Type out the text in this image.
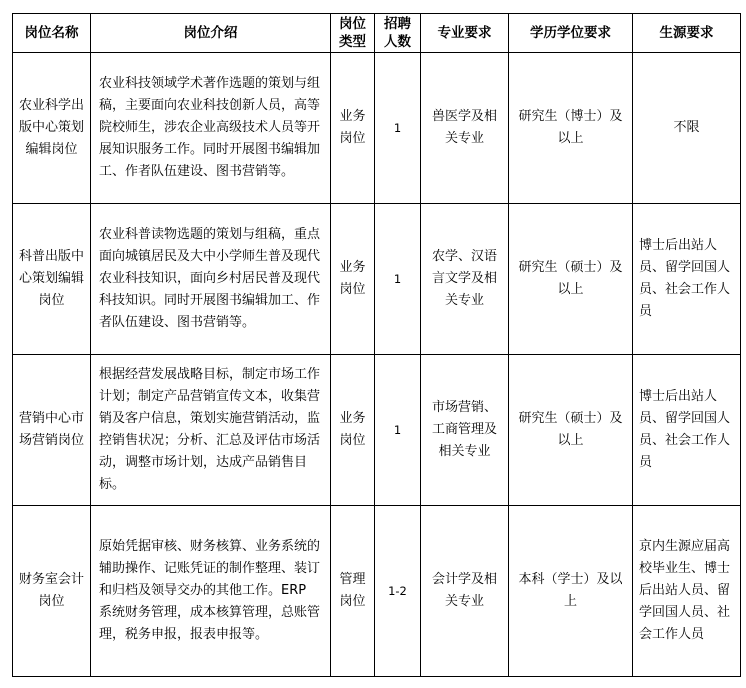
岗位名称	岗位介绍	岗位类型	招聘人数	专业要求	学历学位要求	生源要求
农业科学出版中心策划编辑岗位	农业科技领域学术著作选题的策划与组稿，主要面向农业科技创新人员，高等院校师生，涉农企业高级技术人员等开展知识服务工作。同时开展图书编辑加工、作者队伍建设、图书营销等。	业务岗位	1	兽医学及相关专业	研究生（博士）及以上	不限
科普出版中心策划编辑岗位	农业科普读物选题的策划与组稿，重点面向城镇居民及大中小学师生普及现代农业科技知识，面向乡村居民普及现代科技知识。同时开展图书编辑加工、作者队伍建设、图书营销等。	业务岗位	1	农学、汉语言文学及相关专业	研究生（硕士）及以上	博士后出站人员、留学回国人员、社会工作人员
营销中心市场营销岗位	根据经营发展战略目标，制定市场工作计划；制定产品营销宣传文本，收集营销及客户信息，策划实施营销活动，监控销售状况；分析、汇总及评估市场活动，调整市场计划，达成产品销售目标。	业务岗位	1	市场营销、工商管理及相关专业	研究生（硕士）及以上	博士后出站人员、留学回国人员、社会工作人员
财务室会计岗位	原始凭据审核、财务核算、业务系统的辅助操作、记账凭证的制作整理、装订和归档及领导交办的其他工作。ERP 系统财务管理，成本核算管理，总账管理，税务申报，报表申报等。	管理岗位	1-2	会计学及相关专业	本科（学士）及以上	京内生源应届高校毕业生、博士后出站人员、留学回国人员、社会工作人员
